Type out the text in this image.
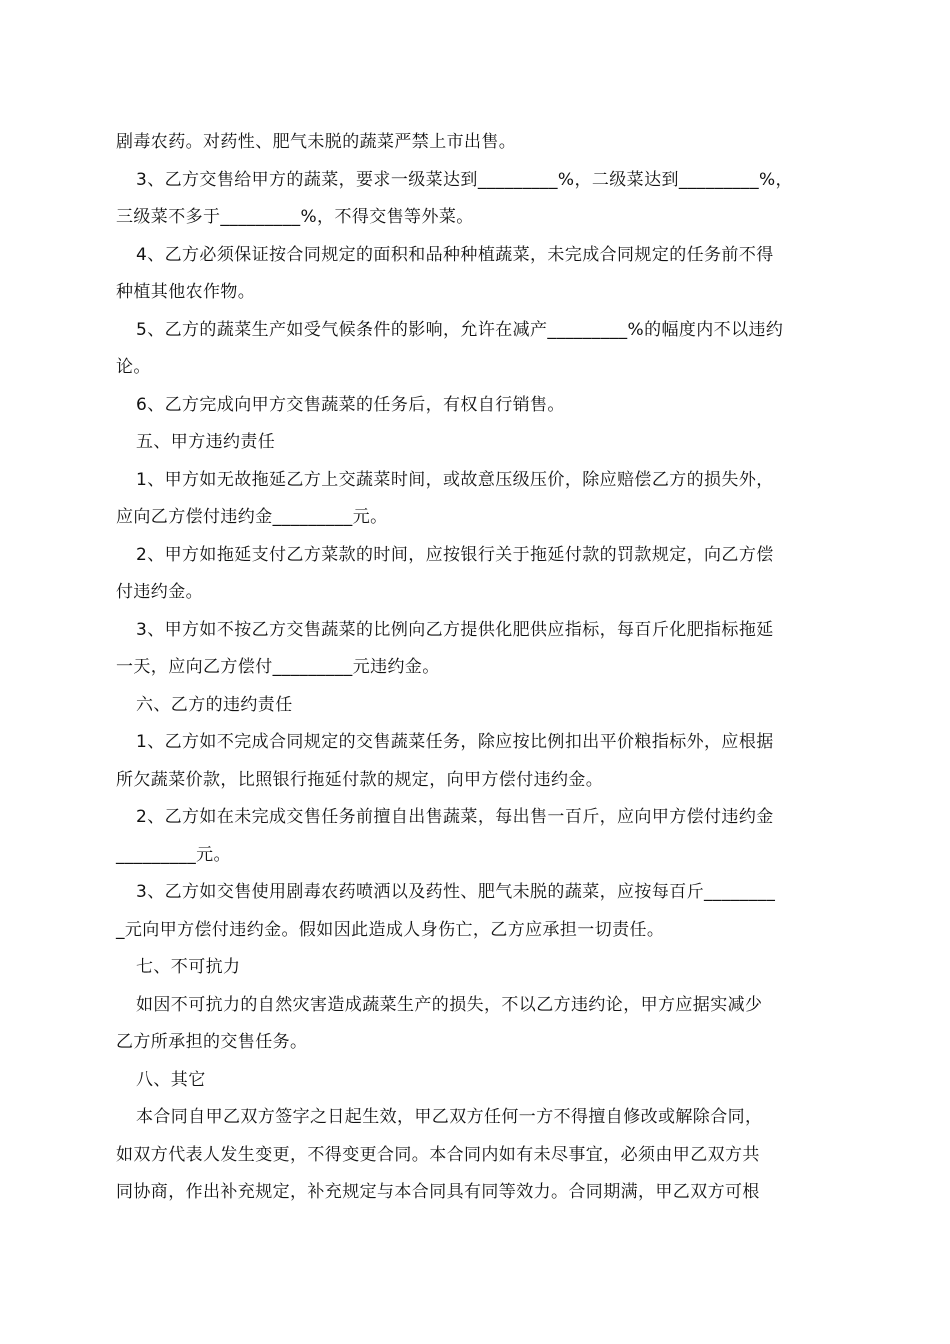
剧毒农药。对药性、肥气未脱的蔬菜严禁上市出售。
3、乙方交售给甲方的蔬菜，要求一级菜达到_________%，二级菜达到_________%，
三级菜不多于_________%，不得交售等外菜。
4、乙方必须保证按合同规定的面积和品种种植蔬菜，未完成合同规定的任务前不得
种植其他农作物。
5、乙方的蔬菜生产如受气候条件的影响，允许在减产_________%的幅度内不以违约
论。
6、乙方完成向甲方交售蔬菜的任务后，有权自行销售。
五、甲方违约责任
1、甲方如无故拖延乙方上交蔬菜时间，或故意压级压价，除应赔偿乙方的损失外，
应向乙方偿付违约金_________元。
2、甲方如拖延支付乙方菜款的时间，应按银行关于拖延付款的罚款规定，向乙方偿
付违约金。
3、甲方如不按乙方交售蔬菜的比例向乙方提供化肥供应指标，每百斤化肥指标拖延
一天，应向乙方偿付_________元违约金。
六、乙方的违约责任
1、乙方如不完成合同规定的交售蔬菜任务，除应按比例扣出平价粮指标外，应根据
所欠蔬菜价款，比照银行拖延付款的规定，向甲方偿付违约金。
2、乙方如在未完成交售任务前擅自出售蔬菜，每出售一百斤，应向甲方偿付违约金
_________元。
3、乙方如交售使用剧毒农药喷洒以及药性、肥气未脱的蔬菜，应按每百斤________
_元向甲方偿付违约金。假如因此造成人身伤亡，乙方应承担一切责任。
七、不可抗力
如因不可抗力的自然灾害造成蔬菜生产的损失，不以乙方违约论，甲方应据实减少
乙方所承担的交售任务。
八、其它
本合同自甲乙双方签字之日起生效，甲乙双方任何一方不得擅自修改或解除合同，
如双方代表人发生变更，不得变更合同。本合同内如有未尽事宜，必须由甲乙双方共
同协商，作出补充规定，补充规定与本合同具有同等效力。合同期满，甲乙双方可根
